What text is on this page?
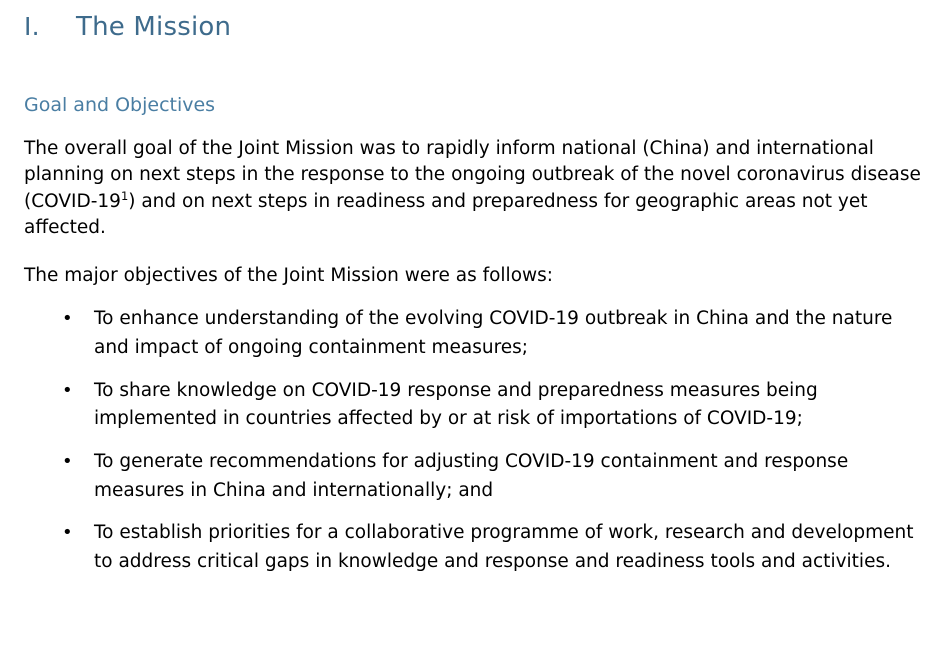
I.	The Mission
Goal and Objectives

The overall goal of the Joint Mission was to rapidly inform national (China) and international planning on next steps in the response to the ongoing outbreak of the novel coronavirus disease $(COVID-19^1)$ and on next steps in readiness and preparedness for geographic areas not yet affected.

The major objectives of the Joint Mission were as follows:

• To enhance understanding of the evolving COVID-19 outbreak in China and the nature and impact of ongoing containment measures;
• To share knowledge on COVID-19 response and preparedness measures being implemented in countries affected by or at risk of importations of COVID-19;
• To generate recommendations for adjusting COVID-19 containment and response measures in China and internationally; and
• To establish priorities for a collaborative programme of work, research and development to address critical gaps in knowledge and response and readiness tools and activities.
